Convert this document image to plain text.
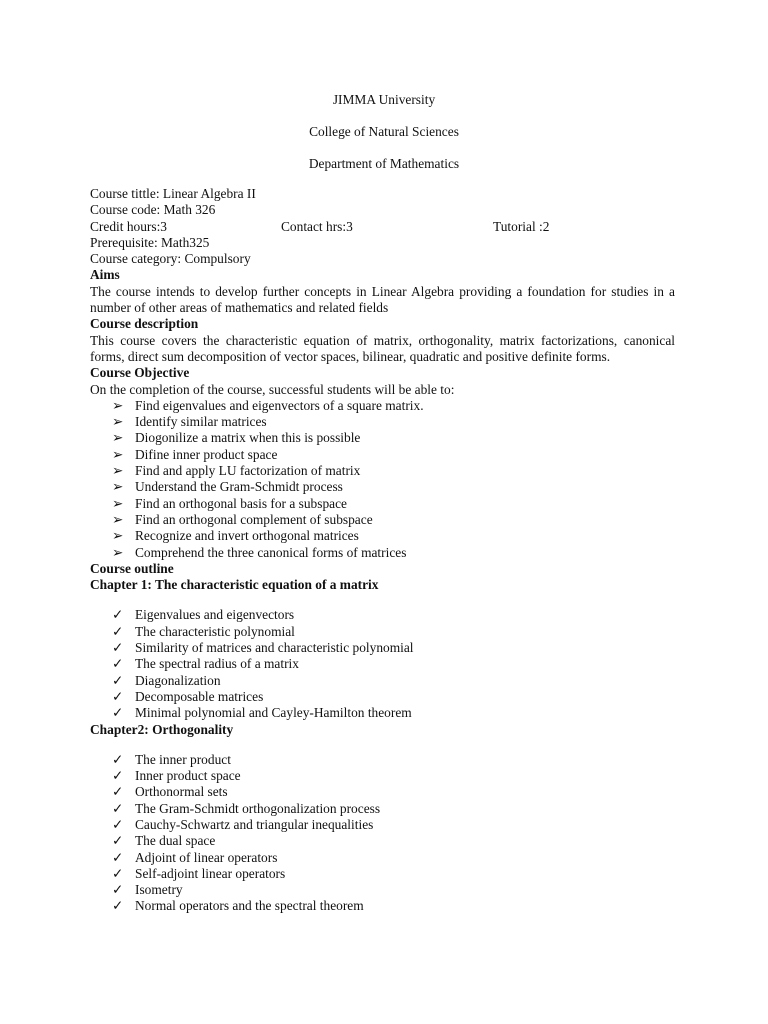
JIMMA University
College of Natural Sciences
Department of Mathematics
Course tittle: Linear Algebra II
Course code: Math 326
Credit hours:3	Contact hrs:3	Tutorial :2
Prerequisite: Math325
Course category: Compulsory
Aims
The course intends to develop further concepts in Linear Algebra providing a foundation for studies in a number of other areas of mathematics and related fields
Course description
This course covers the characteristic equation of matrix, orthogonality, matrix factorizations, canonical forms, direct sum decomposition of vector spaces, bilinear, quadratic and positive definite forms.
Course Objective
On the completion of the course, successful students will be able to:
➢ Find eigenvalues and eigenvectors of a square matrix.
➢ Identify similar matrices
➢ Diogonilize a matrix when this is possible
➢ Difine inner product space
➢ Find and apply LU factorization of matrix
➢ Understand the Gram-Schmidt process
➢ Find an orthogonal basis for a subspace
➢ Find an orthogonal complement of subspace
➢ Recognize and invert orthogonal matrices
➢ Comprehend the three canonical forms of matrices
Course outline
Chapter 1: The characteristic equation of a matrix
✓ Eigenvalues and eigenvectors
✓ The characteristic polynomial
✓ Similarity of matrices and characteristic polynomial
✓ The spectral radius of a matrix
✓ Diagonalization
✓ Decomposable matrices
✓ Minimal polynomial and Cayley-Hamilton theorem
Chapter2: Orthogonality
✓ The inner product
✓ Inner product space
✓ Orthonormal sets
✓ The Gram-Schmidt orthogonalization process
✓ Cauchy-Schwartz and triangular inequalities
✓ The dual space
✓ Adjoint of linear operators
✓ Self-adjoint linear operators
✓ Isometry
✓ Normal operators and the spectral theorem
